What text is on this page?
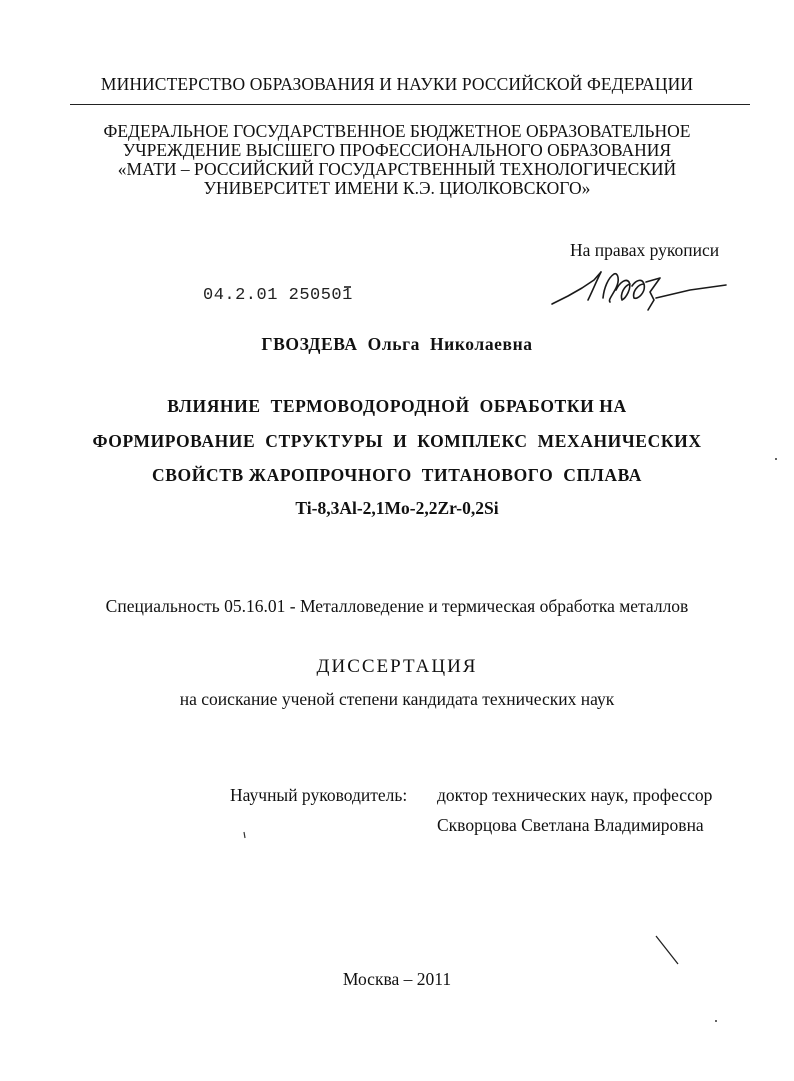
МИНИСТЕРСТВО ОБРАЗОВАНИЯ И НАУКИ РОССИЙСКОЙ ФЕДЕРАЦИИ
ФЕДЕРАЛЬНОЕ ГОСУДАРСТВЕННОЕ БЮДЖЕТНОЕ ОБРАЗОВАТЕЛЬНОЕ
УЧРЕЖДЕНИЕ ВЫСШЕГО ПРОФЕССИОНАЛЬНОГО ОБРАЗОВАНИЯ
«МАТИ – РОССИЙСКИЙ ГОСУДАРСТВЕННЫЙ ТЕХНОЛОГИЧЕСКИЙ
УНИВЕРСИТЕТ ИМЕНИ К.Э. ЦИОЛКОВСКОГО»
На правах рукописи
04.2.01 250501
ГВОЗДЕВА  Ольга  Николаевна
ВЛИЯНИЕ  ТЕРМОВОДОРОДНОЙ  ОБРАБОТКИ НА
ФОРМИРОВАНИЕ  СТРУКТУРЫ  И  КОМПЛЕКС  МЕХАНИЧЕСКИХ
СВОЙСТВ ЖАРОПРОЧНОГО  ТИТАНОВОГО  СПЛАВА
Ti-8,3Al-2,1Mo-2,2Zr-0,2Si
Специальность 05.16.01 - Металловедение и термическая обработка металлов
ДИССЕРТАЦИЯ
на соискание ученой степени кандидата технических наук
Научный руководитель: доктор технических наук, профессор
Скворцова Светлана Владимировна
Москва – 2011
